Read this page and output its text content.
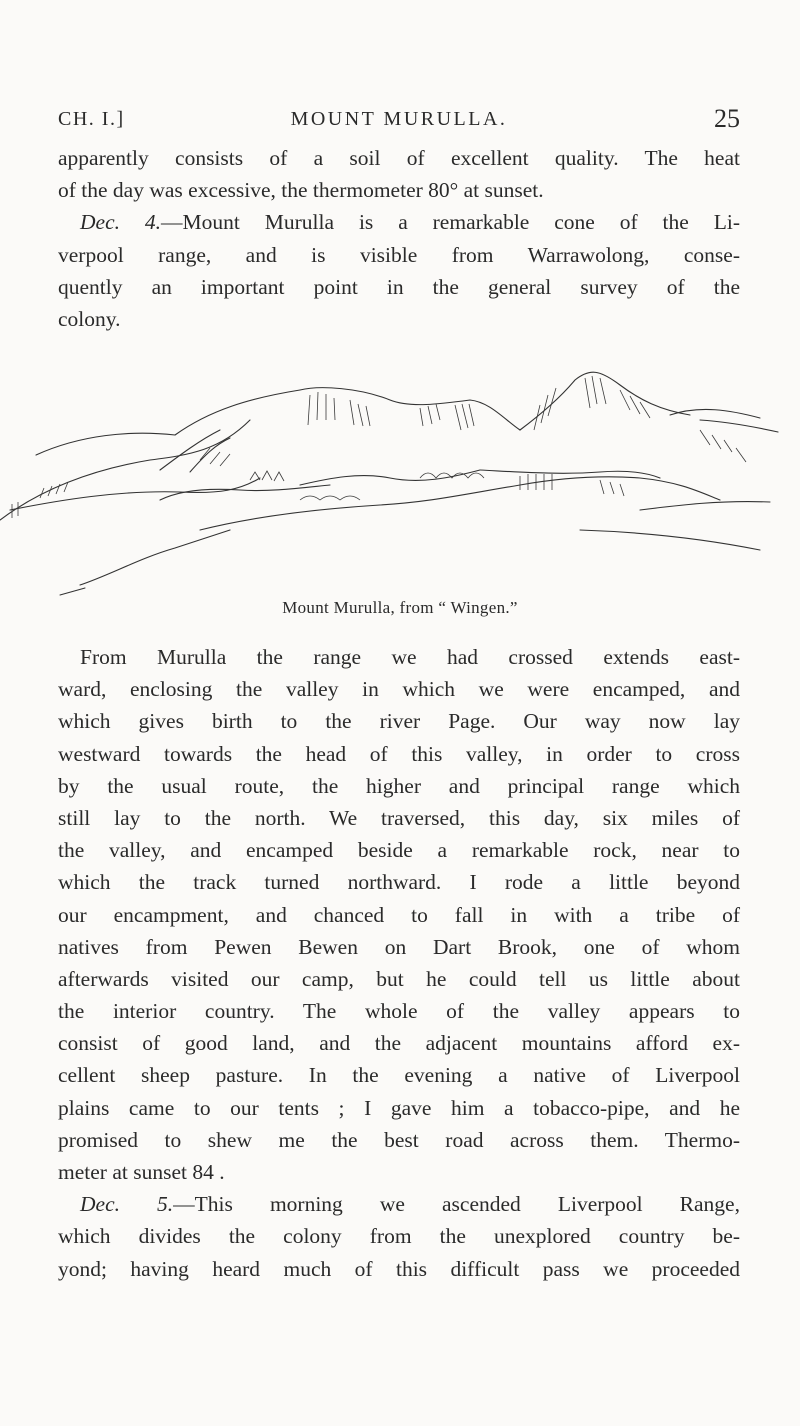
CH. I.]	MOUNT MURULLA.	25
apparently consists of a soil of excellent quality. The heat
of the day was excessive, the thermometer 80° at sunset.
Dec. 4.—Mount Murulla is a remarkable cone of the Li-
verpool range, and is visible from Warrawolong, conse-
quently an important point in the general survey of the
colony.
Mount Murulla, from “ Wingen.”
From Murulla the range we had crossed extends east-
ward, enclosing the valley in which we were encamped, and
which gives birth to the river Page. Our way now lay
westward towards the head of this valley, in order to cross
by the usual route, the higher and principal range which
still lay to the north. We traversed, this day, six miles of
the valley, and encamped beside a remarkable rock, near to
which the track turned northward. I rode a little beyond
our encampment, and chanced to fall in with a tribe of
natives from Pewen Bewen on Dart Brook, one of whom
afterwards visited our camp, but he could tell us little about
the interior country. The whole of the valley appears to
consist of good land, and the adjacent mountains afford ex-
cellent sheep pasture. In the evening a native of Liverpool
plains came to our tents ; I gave him a tobacco-pipe, and he
promised to shew me the best road across them. Thermo-
meter at sunset 84 .
Dec. 5.—This morning we ascended Liverpool Range,
which divides the colony from the unexplored country be-
yond; having heard much of this difficult pass we proceeded
